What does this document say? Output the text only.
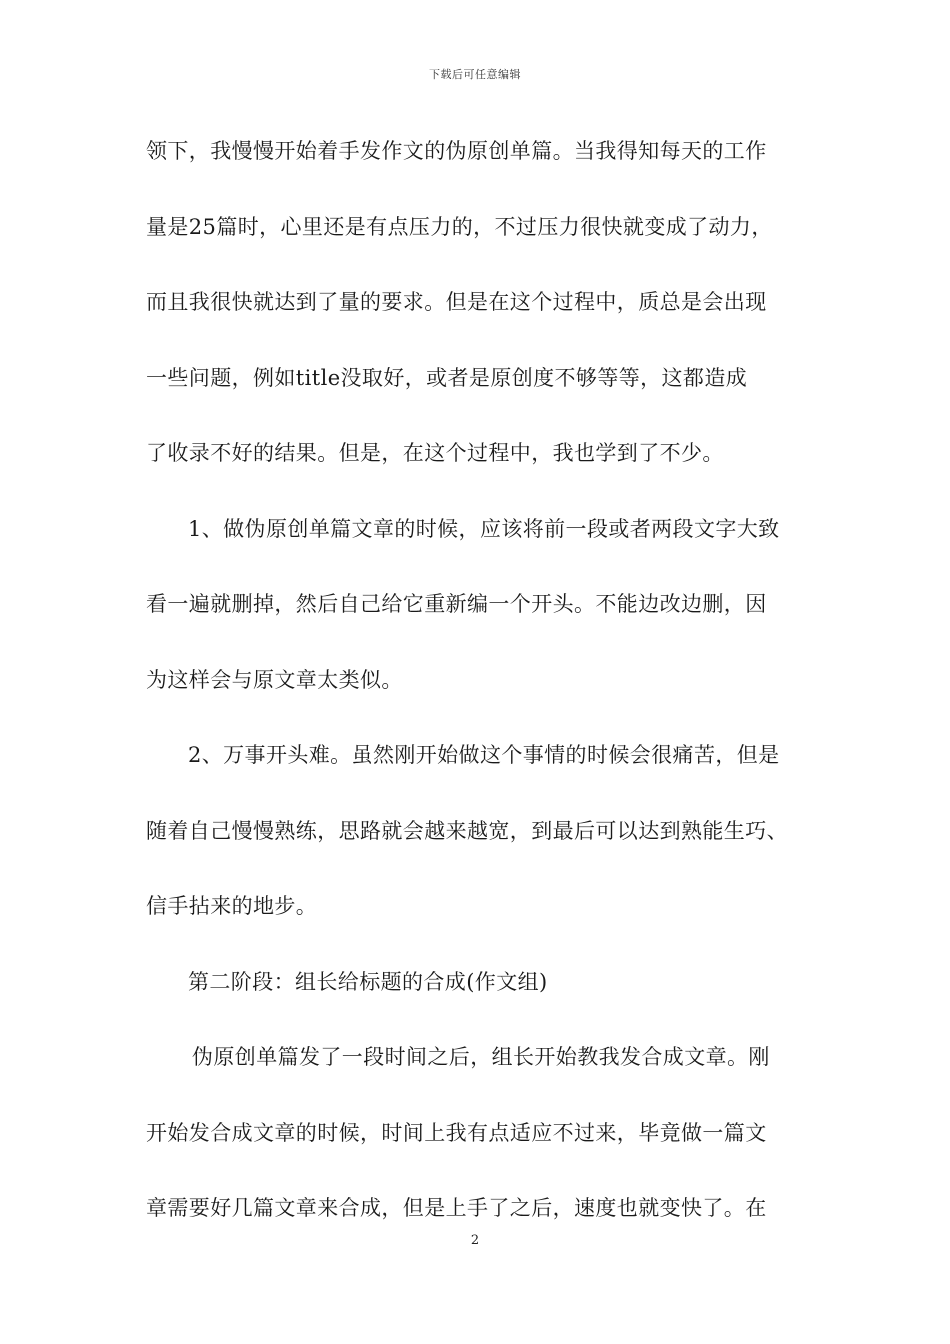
下载后可任意编辑
领下，我慢慢开始着手发作文的伪原创单篇。当我得知每天的工作
量是25篇时，心里还是有点压力的，不过压力很快就变成了动力，
而且我很快就达到了量的要求。但是在这个过程中，质总是会出现
一些问题，例如title没取好，或者是原创度不够等等，这都造成
了收录不好的结果。但是，在这个过程中，我也学到了不少。
1、做伪原创单篇文章的时候，应该将前一段或者两段文字大致
看一遍就删掉，然后自己给它重新编一个开头。不能边改边删，因
为这样会与原文章太类似。
2、万事开头难。虽然刚开始做这个事情的时候会很痛苦，但是
随着自己慢慢熟练，思路就会越来越宽，到最后可以达到熟能生巧、
信手拈来的地步。
第二阶段：组长给标题的合成(作文组)
伪原创单篇发了一段时间之后，组长开始教我发合成文章。刚
开始发合成文章的时候，时间上我有点适应不过来，毕竟做一篇文
章需要好几篇文章来合成，但是上手了之后，速度也就变快了。在
2
